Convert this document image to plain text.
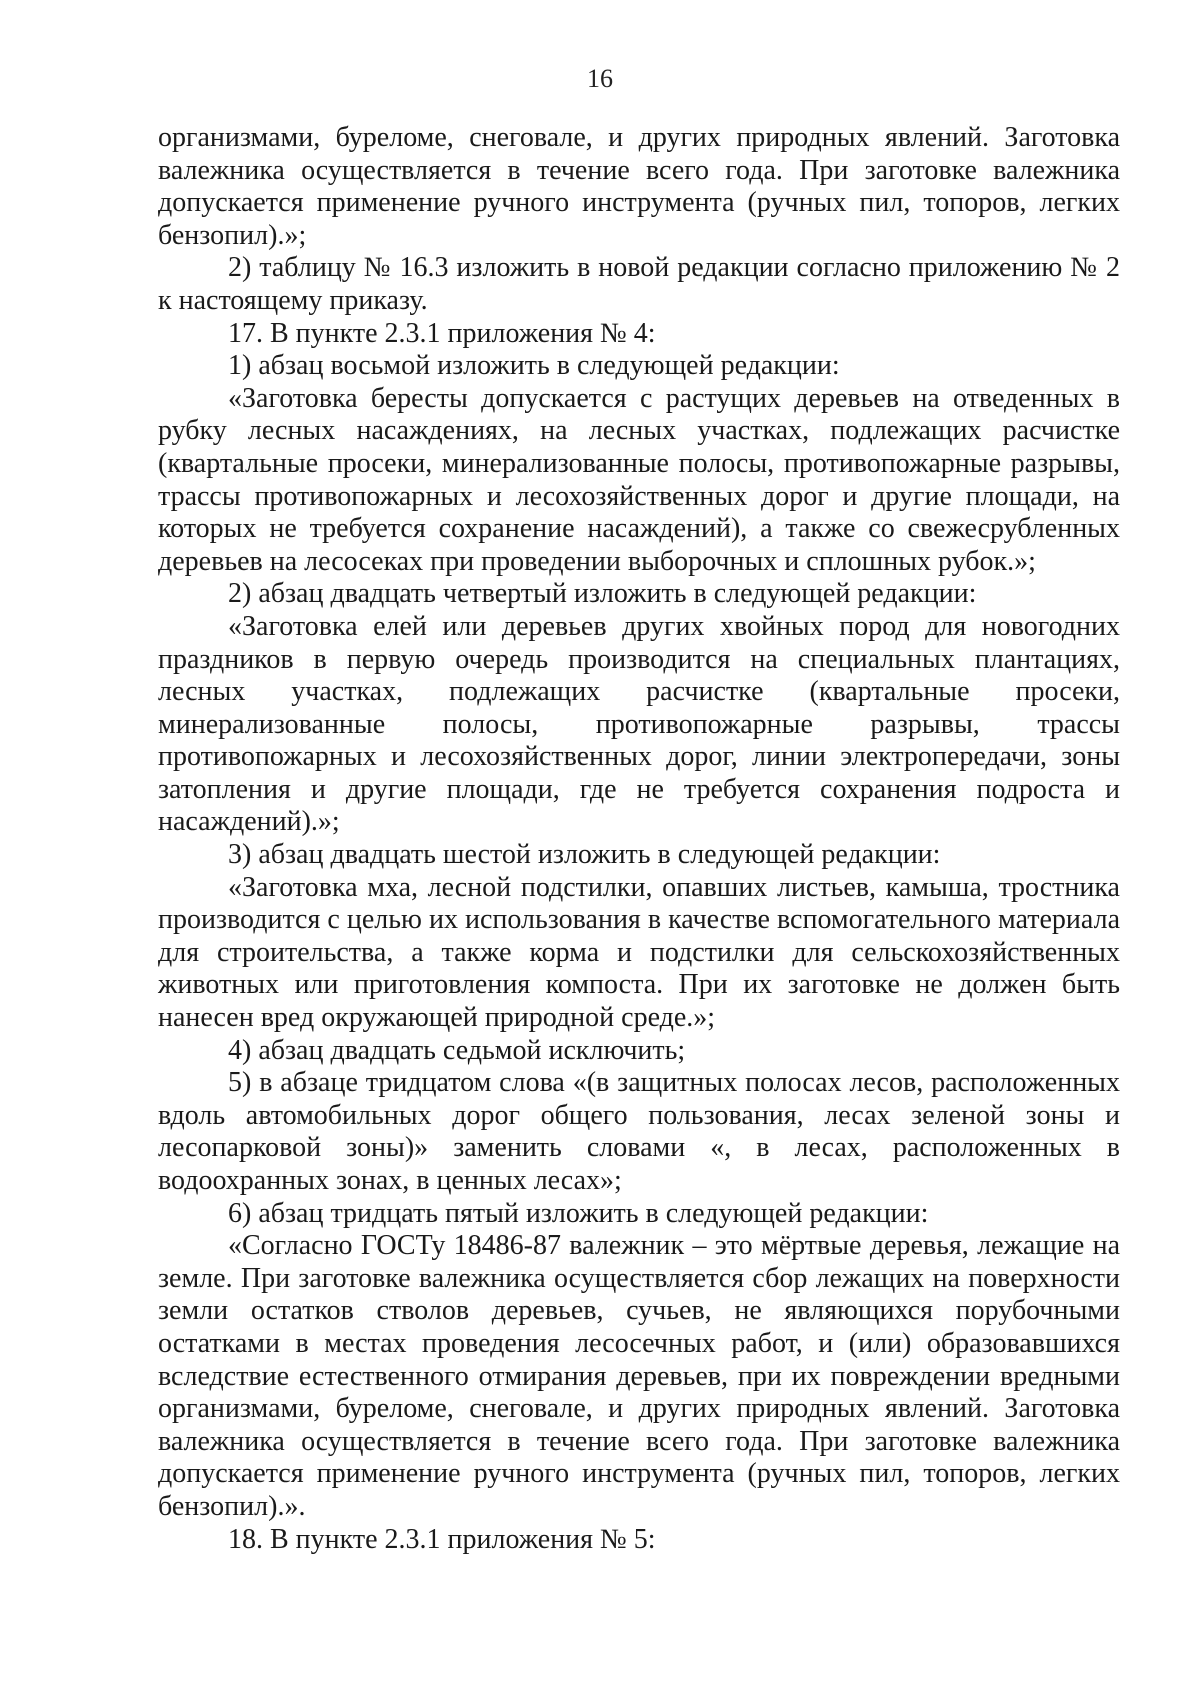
16

организмами, буреломе, снеговале, и других природных явлений. Заготовка валежника осуществляется в течение всего года. При заготовке валежника допускается применение ручного инструмента (ручных пил, топоров, легких бензопил).»;

2) таблицу № 16.3 изложить в новой редакции согласно приложению № 2 к настоящему приказу.

17. В пункте 2.3.1 приложения № 4:

1) абзац восьмой изложить в следующей редакции:

«Заготовка бересты допускается с растущих деревьев на отведенных в рубку лесных насаждениях, на лесных участках, подлежащих расчистке (квартальные просеки, минерализованные полосы, противопожарные разрывы, трассы противопожарных и лесохозяйственных дорог и другие площади, на которых не требуется сохранение насаждений), а также со свежесрубленных деревьев на лесосеках при проведении выборочных и сплошных рубок.»;

2) абзац двадцать четвертый изложить в следующей редакции:

«Заготовка елей или деревьев других хвойных пород для новогодних праздников в первую очередь производится на специальных плантациях, лесных участках, подлежащих расчистке (квартальные просеки, минерализованные полосы, противопожарные разрывы, трассы противопожарных и лесохозяйственных дорог, линии электропередачи, зоны затопления и другие площади, где не требуется сохранения подроста и насаждений).»;

3) абзац двадцать шестой изложить в следующей редакции:

«Заготовка мха, лесной подстилки, опавших листьев, камыша, тростника производится с целью их использования в качестве вспомогательного материала для строительства, а также корма и подстилки для сельскохозяйственных животных или приготовления компоста. При их заготовке не должен быть нанесен вред окружающей природной среде.»;

4) абзац двадцать седьмой исключить;

5) в абзаце тридцатом слова «(в защитных полосах лесов, расположенных вдоль автомобильных дорог общего пользования, лесах зеленой зоны и лесопарковой зоны)» заменить словами «, в лесах, расположенных в водоохранных зонах, в ценных лесах»;

6) абзац тридцать пятый изложить в следующей редакции:

«Согласно ГОСТу 18486-87 валежник – это мёртвые деревья, лежащие на земле. При заготовке валежника осуществляется сбор лежащих на поверхности земли остатков стволов деревьев, сучьев, не являющихся порубочными остатками в местах проведения лесосечных работ, и (или) образовавшихся вследствие естественного отмирания деревьев, при их повреждении вредными организмами, буреломе, снеговале, и других природных явлений. Заготовка валежника осуществляется в течение всего года. При заготовке валежника допускается применение ручного инструмента (ручных пил, топоров, легких бензопил).».

18. В пункте 2.3.1 приложения № 5:
